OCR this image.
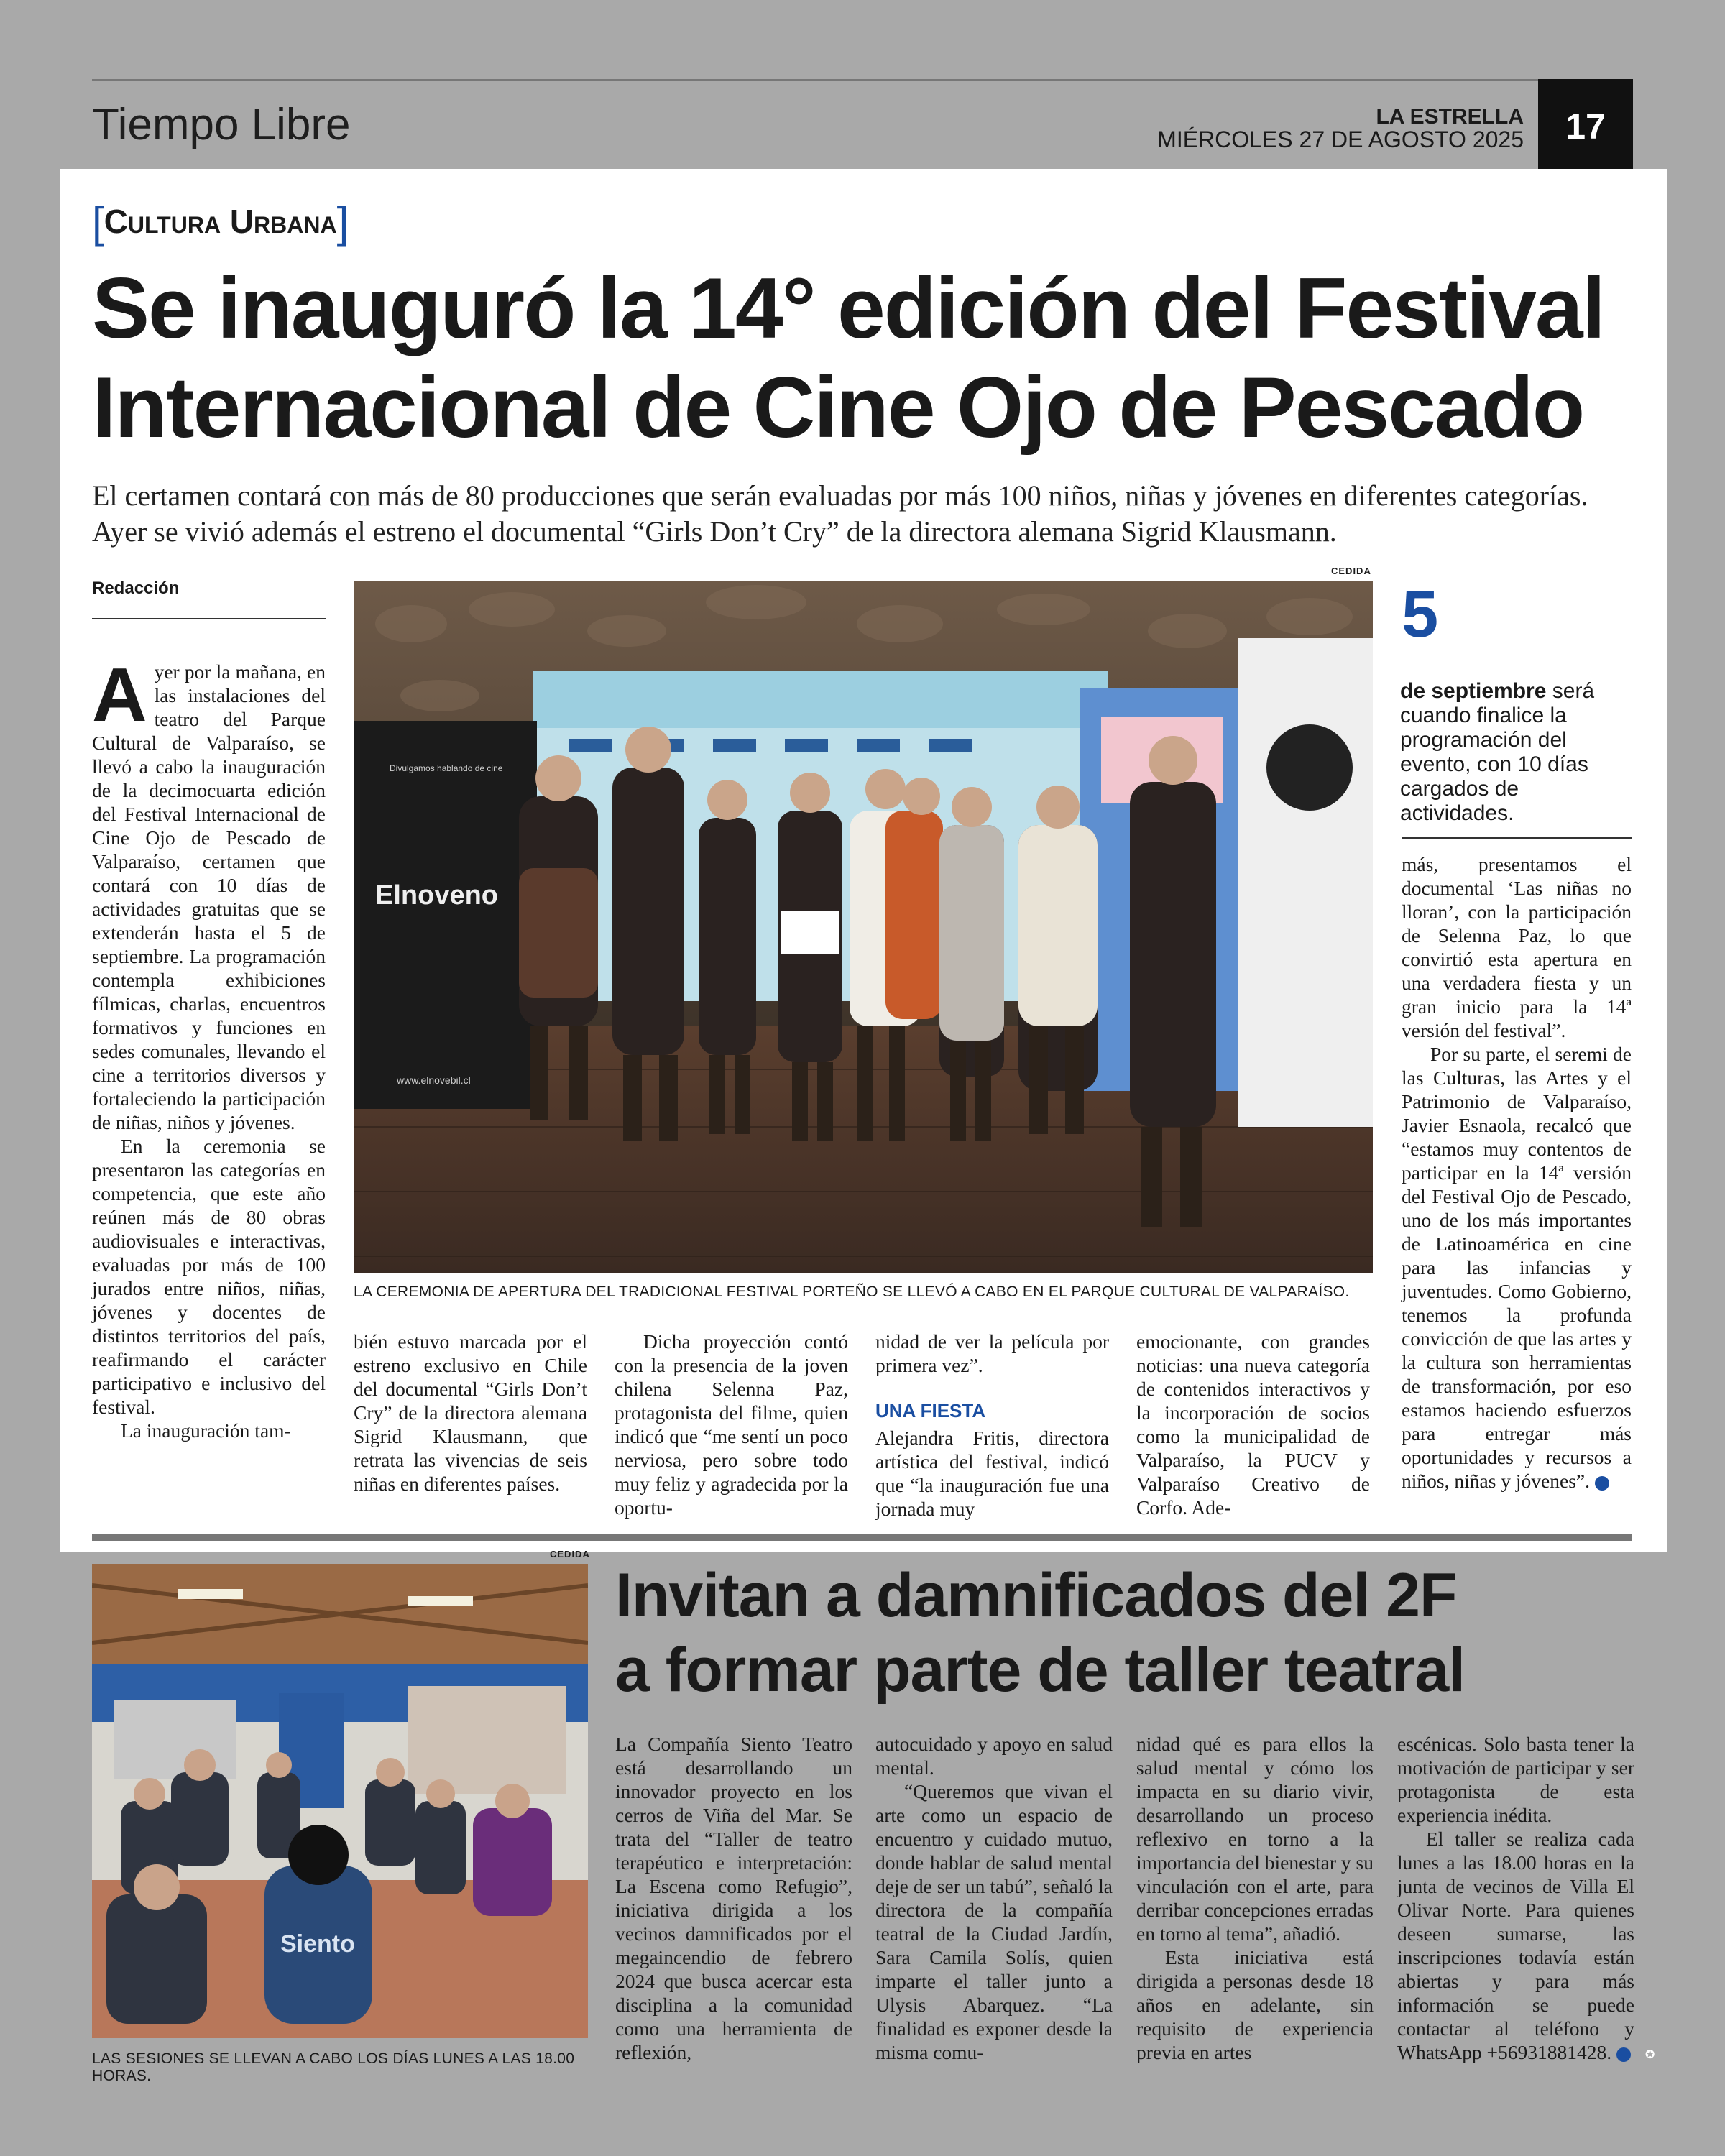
Tiempo Libre	LA ESTRELLA
MIÉRCOLES 27 DE AGOSTO 2025	17
[Cultura Urbana]
Se inauguró la 14° edición del Festival
Internacional de Cine Ojo de Pescado
El certamen contará con más de 80 producciones que serán evaluadas por más 100 niños, niñas y jóvenes en diferentes categorías. Ayer se vivió además el estreno el documental “Girls Don’t Cry” de la directora alemana Sigrid Klausmann.
Redacción

Ayer por la mañana, en las instalaciones del teatro del Parque Cultural de Valparaíso, se llevó a cabo la inauguración de la decimocuarta edición del Festival Internacional de Cine Ojo de Pescado de Valparaíso, certamen que contará con 10 días de actividades gratuitas que se extenderán hasta el 5 de septiembre. La programación contempla exhibiciones fílmicas, charlas, encuentros formativos y funciones en sedes comunales, llevando el cine a territorios diversos y fortaleciendo la participación de niñas, niños y jóvenes.

En la ceremonia se presentaron las categorías en competencia, que este año reúnen más de 80 obras audiovisuales e interactivas, evaluadas por más de 100 jurados entre niños, niñas, jóvenes y docentes de distintos territorios del país, reafirmando el carácter participativo e inclusivo del festival.

La inauguración tam-

CEDIDA
Elnoveno
Divulgamos hablando de cine
www.elnovebil.cl
LA CEREMONIA DE APERTURA DEL TRADICIONAL FESTIVAL PORTEÑO SE LLEVÓ A CABO EN EL PARQUE CULTURAL DE VALPARAÍSO.

bién estuvo marcada por el estreno exclusivo en Chile del documental “Girls Don’t Cry” de la directora alemana Sigrid Klausmann, que retrata las vivencias de seis niñas en diferentes países.

Dicha proyección contó con la presencia de la joven chilena Selenna Paz, protagonista del filme, quien indicó que “me sentí un poco nerviosa, pero sobre todo muy feliz y agradecida por la oportu-

nidad de ver la película por primera vez”.

UNA FIESTA

Alejandra Fritis, directora artística del festival, indicó que “la inauguración fue una jornada muy

emocionante, con grandes noticias: una nueva categoría de contenidos interactivos y la incorporación de socios como la municipalidad de Valparaíso, la PUCV y Valparaíso Creativo de Corfo. Ade-

5
de septiembre será cuando finalice la programación del evento, con 10 días cargados de actividades.

más, presentamos el documental ‘Las niñas no lloran’, con la participación de Selenna Paz, lo que convirtió esta apertura en una verdadera fiesta y un gran inicio para la 14ª versión del festival”.

Por su parte, el seremi de las Culturas, las Artes y el Patrimonio de Valparaíso, Javier Esnaola, recalcó que “estamos muy contentos de participar en la 14ª versión del Festival Ojo de Pescado, uno de los más importantes de Latinoamérica en cine para las infancias y juventudes. Como Gobierno, tenemos la profunda convicción de que las artes y la cultura son herramientas de transformación, por eso estamos haciendo esfuerzos para entregar más oportunidades y recursos a niños, niñas y jóvenes”.	✪

CEDIDA
Siento
LAS SESIONES SE LLEVAN A CABO LOS DÍAS LUNES A LAS 18.00 HORAS.
Invitan a damnificados del 2F
a formar parte de taller teatral

La Compañía Siento Teatro está desarrollando un innovador proyecto en los cerros de Viña del Mar. Se trata del “Taller de teatro terapéutico e interpretación: La Escena como Refugio”, iniciativa dirigida a los vecinos damnificados por el megaincendio de febrero 2024 que busca acercar esta disciplina a la comunidad como una herramienta de reflexión,

autocuidado y apoyo en salud mental.

“Queremos que vivan el arte como un espacio de encuentro y cuidado mutuo, donde hablar de salud mental deje de ser un tabú”, señaló la directora de la compañía teatral de la Ciudad Jardín, Sara Camila Solís, quien imparte el taller junto a Ulysis Abarquez. “La finalidad es exponer desde la misma comu-

nidad qué es para ellos la salud mental y cómo los impacta en su diario vivir, desarrollando un proceso reflexivo en torno a la importancia del bienestar y su vinculación con el arte, para derribar concepciones erradas en torno al tema”, añadió.

Esta iniciativa está dirigida a personas desde 18 años en adelante, sin requisito de experiencia previa en artes

escénicas. Solo basta tener la motivación de participar y ser protagonista de esta experiencia inédita.

El taller se realiza cada lunes a las 18.00 horas en la junta de vecinos de Villa El Olivar Norte. Para quienes deseen sumarse, las inscripciones todavía están abiertas y para más información se puede contactar al teléfono y WhatsApp +56931881428.	✪
